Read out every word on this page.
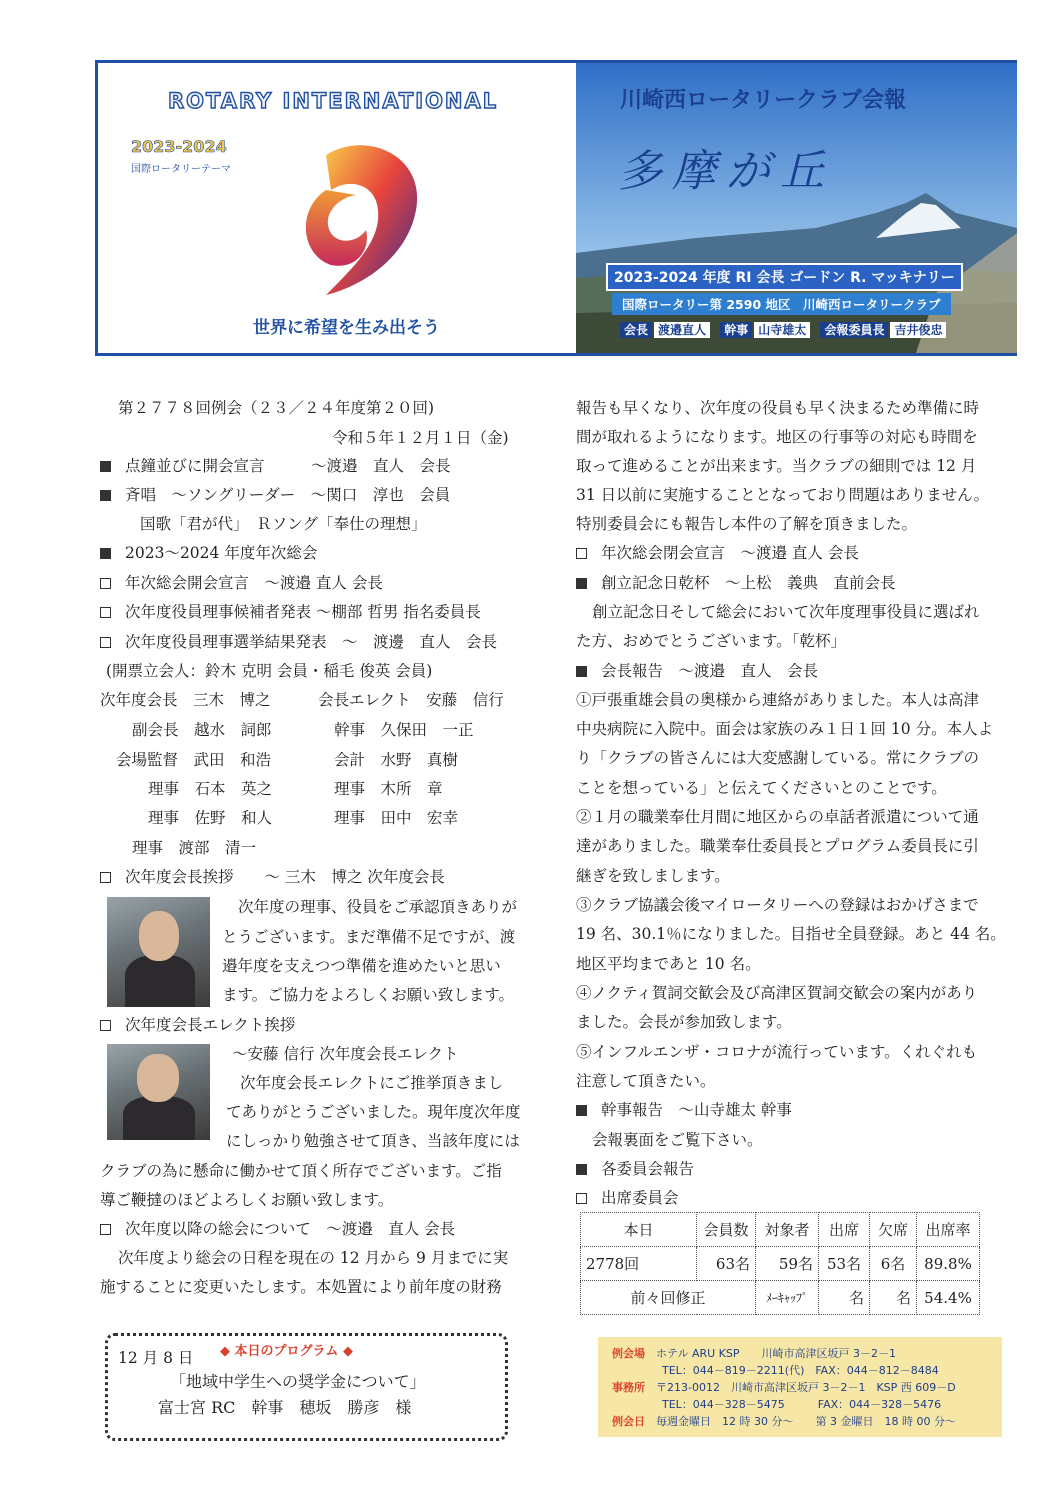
ROTARY INTERNATIONAL
2023-2024
国際ロータリーテーマ
世界に希望を生み出そう
川崎西ロータリークラブ会報
多摩が丘
2023-2024 年度 RI 会長 ゴードン R. マッキナリー
国際ロータリー第 2590 地区　川崎西ロータリークラブ
会長 渡邉直人 幹事 山寺雄太 会報委員長 吉井俊忠
第２７７８回例会（２３／２４年度第２０回)
令和５年１２月１日（金)
点鐘並びに開会宣言　　　～渡邉　直人　会長
斉唱　～ソングリーダー　～関口　淳也　会員
国歌「君が代」　Ｒソング「奉仕の理想」
2023～2024 年度年次総会
年次総会開会宣言　～渡邉 直人 会長
次年度役員理事候補者発表 ～棚部 哲男 指名委員長
次年度役員理事選挙結果発表　～　渡邊　直人　会長
(開票立会人：鈴木 克明 会員・稲毛 俊英 会員)
次年度会長　三木　博之	会長エレクト　安藤　信行
副会長　越水　詞郎	幹事　久保田　一正
会場監督　武田　和浩	会計　水野　真樹
理事　石本　英之	理事　木所　章
理事　佐野　和人	理事　田中　宏幸
理事　渡部　清一
次年度会長挨拶　　～ 三木　博之 次年度会長
次年度の理事、役員をご承認頂きありが
とうございます。まだ準備不足ですが、渡
邉年度を支えつつ準備を進めたいと思い
ます。ご協力をよろしくお願い致します。
次年度会長エレクト挨拶
～安藤 信行 次年度会長エレクト
次年度会長エレクトにご推挙頂きまし
てありがとうございました。現年度次年度
にしっかり勉強させて頂き、当該年度には
クラブの為に懸命に働かせて頂く所存でございます。ご指
導ご鞭撻のほどよろしくお願い致します。
次年度以降の総会について　～渡邉　直人 会長
次年度より総会の日程を現在の 12 月から 9 月までに実
施することに変更いたします。本処置により前年度の財務
報告も早くなり、次年度の役員も早く決まるため準備に時
間が取れるようになります。地区の行事等の対応も時間を
取って進めることが出来ます。当クラブの細則では 12 月
31 日以前に実施することとなっており問題はありません。
特別委員会にも報告し本件の了解を頂きました。
年次総会閉会宣言　～渡邉 直人 会長
創立記念日乾杯　～上松　義典　直前会長
創立記念日そして総会において次年度理事役員に選ばれ
た方、おめでとうございます。「乾杯」
会長報告　～渡邉　直人　会長
①戸張重雄会員の奥様から連絡がありました。本人は高津
中央病院に入院中。面会は家族のみ１日１回 10 分。本人よ
り「クラブの皆さんには大変感謝している。常にクラブの
ことを想っている」と伝えてくださいとのことです。
②１月の職業奉仕月間に地区からの卓話者派遣について通
達がありました。職業奉仕委員長とプログラム委員長に引
継ぎを致しまします。
③クラブ協議会後マイロータリーへの登録はおかげさまで
19 名、30.1％になりました。目指せ全員登録。あと 44 名。
地区平均まであと 10 名。
④ノクティ賀詞交歓会及び高津区賀詞交歓会の案内があり
ました。会長が参加致します。
⑤インフルエンザ・コロナが流行っています。くれぐれも
注意して頂きたい。
幹事報告　～山寺雄太 幹事
会報裏面をご覧下さい。
各委員会報告
出席委員会
本日	会員数	対象者	出席	欠席	出席率
2778回	63名	59名	53名	6名	89.8%
前々回修正		ﾒｰｷｬｯﾌﾟ	名	名	54.4%
12 月 8 日 ◆ 本日のプログラム ◆
「地域中学生への奨学金について」
富士宮 RC　幹事　穂坂　勝彦　様
例会場　 ホテル ARU KSP　　川崎市高津区坂戸 3－2－1
TEL：044－819－2211(代)　FAX：044－812－8484
事務所　 〒213-0012　川崎市高津区坂戸 3－2－1　KSP 西 609－D
TEL：044－328－5475　　　FAX：044－328－5476
例会日　 毎週金曜日　12 時 30 分～　　第 3 金曜日　18 時 00 分～
